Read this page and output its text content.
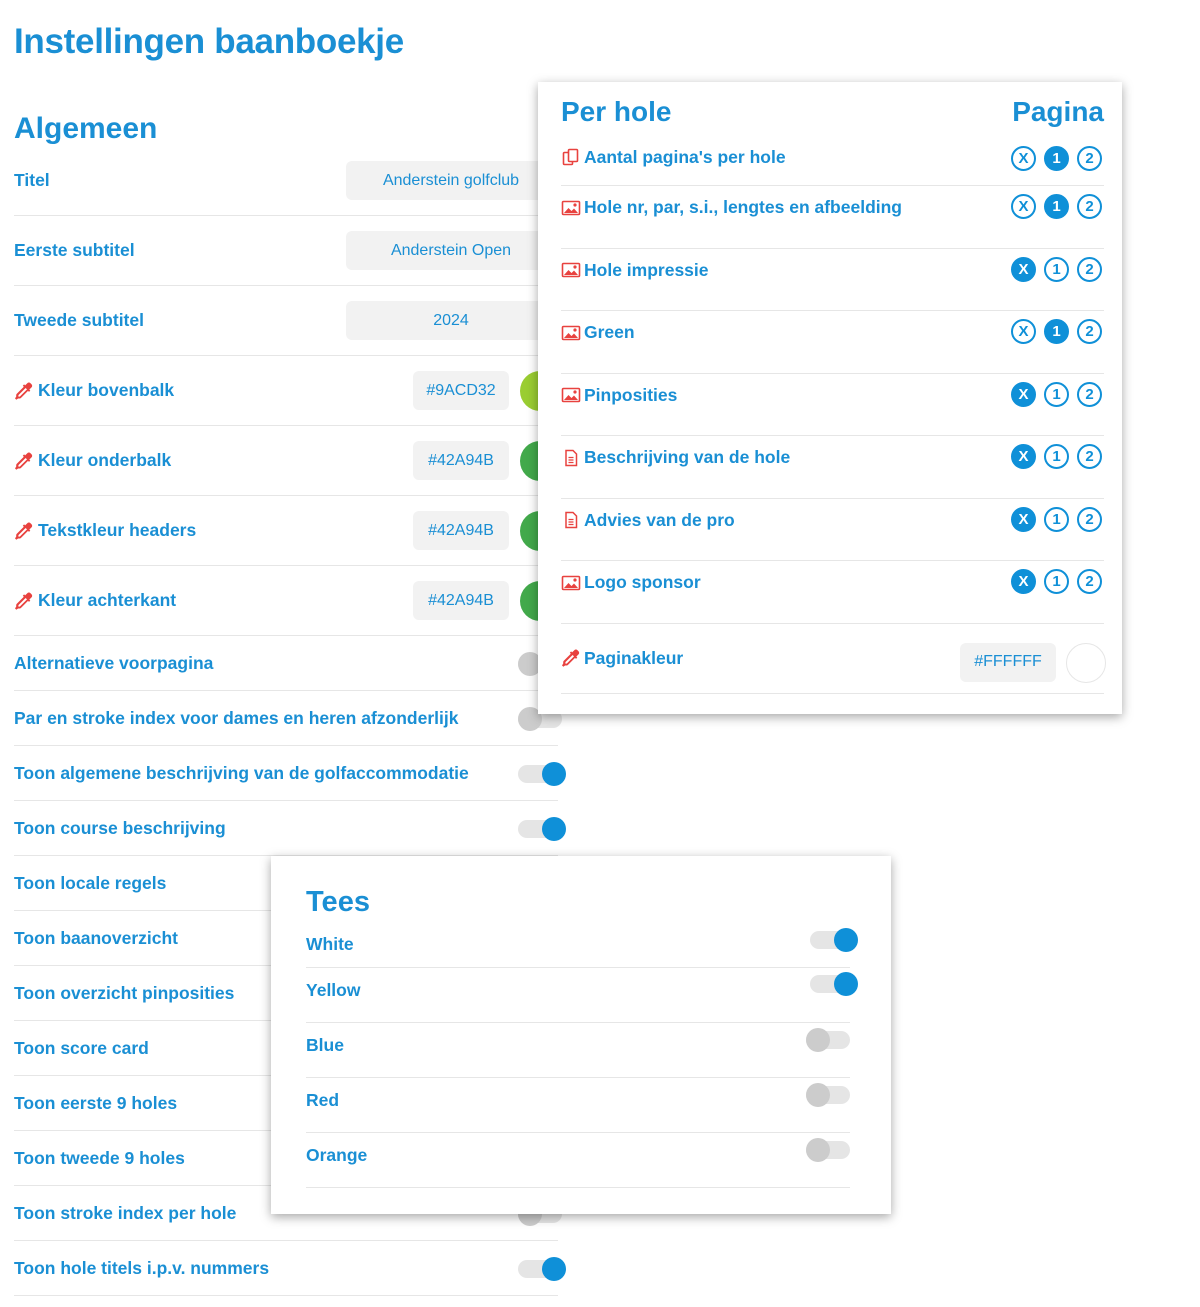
Instellingen baanboekje
Algemeen
Titel	Anderstein golfclub
Eerste subtitel	Anderstein Open
Tweede subtitel	2024
Kleur bovenbalk	#9ACD32
Kleur onderbalk	#42A94B
Tekstkleur headers	#42A94B
Kleur achterkant	#42A94B
Alternatieve voorpagina
Par en stroke index voor dames en heren afzonderlijk
Toon algemene beschrijving van de golfaccommodatie
Toon course beschrijving
Toon locale regels
Toon baanoverzicht
Toon overzicht pinposities
Toon score card
Toon eerste 9 holes
Toon tweede 9 holes
Toon stroke index per hole
Toon hole titels i.p.v. nummers
Per hole	Pagina
Aantal pagina's per hole	X	1	2
Hole nr, par, s.i., lengtes en afbeelding	X	1	2
Hole impressie	X	1	2
Green	X	1	2
Pinposities	X	1	2
Beschrijving van de hole	X	1	2
Advies van de pro	X	1	2
Logo sponsor	X	1	2
Paginakleur	#FFFFFF
Tees
White
Yellow
Blue
Red
Orange
